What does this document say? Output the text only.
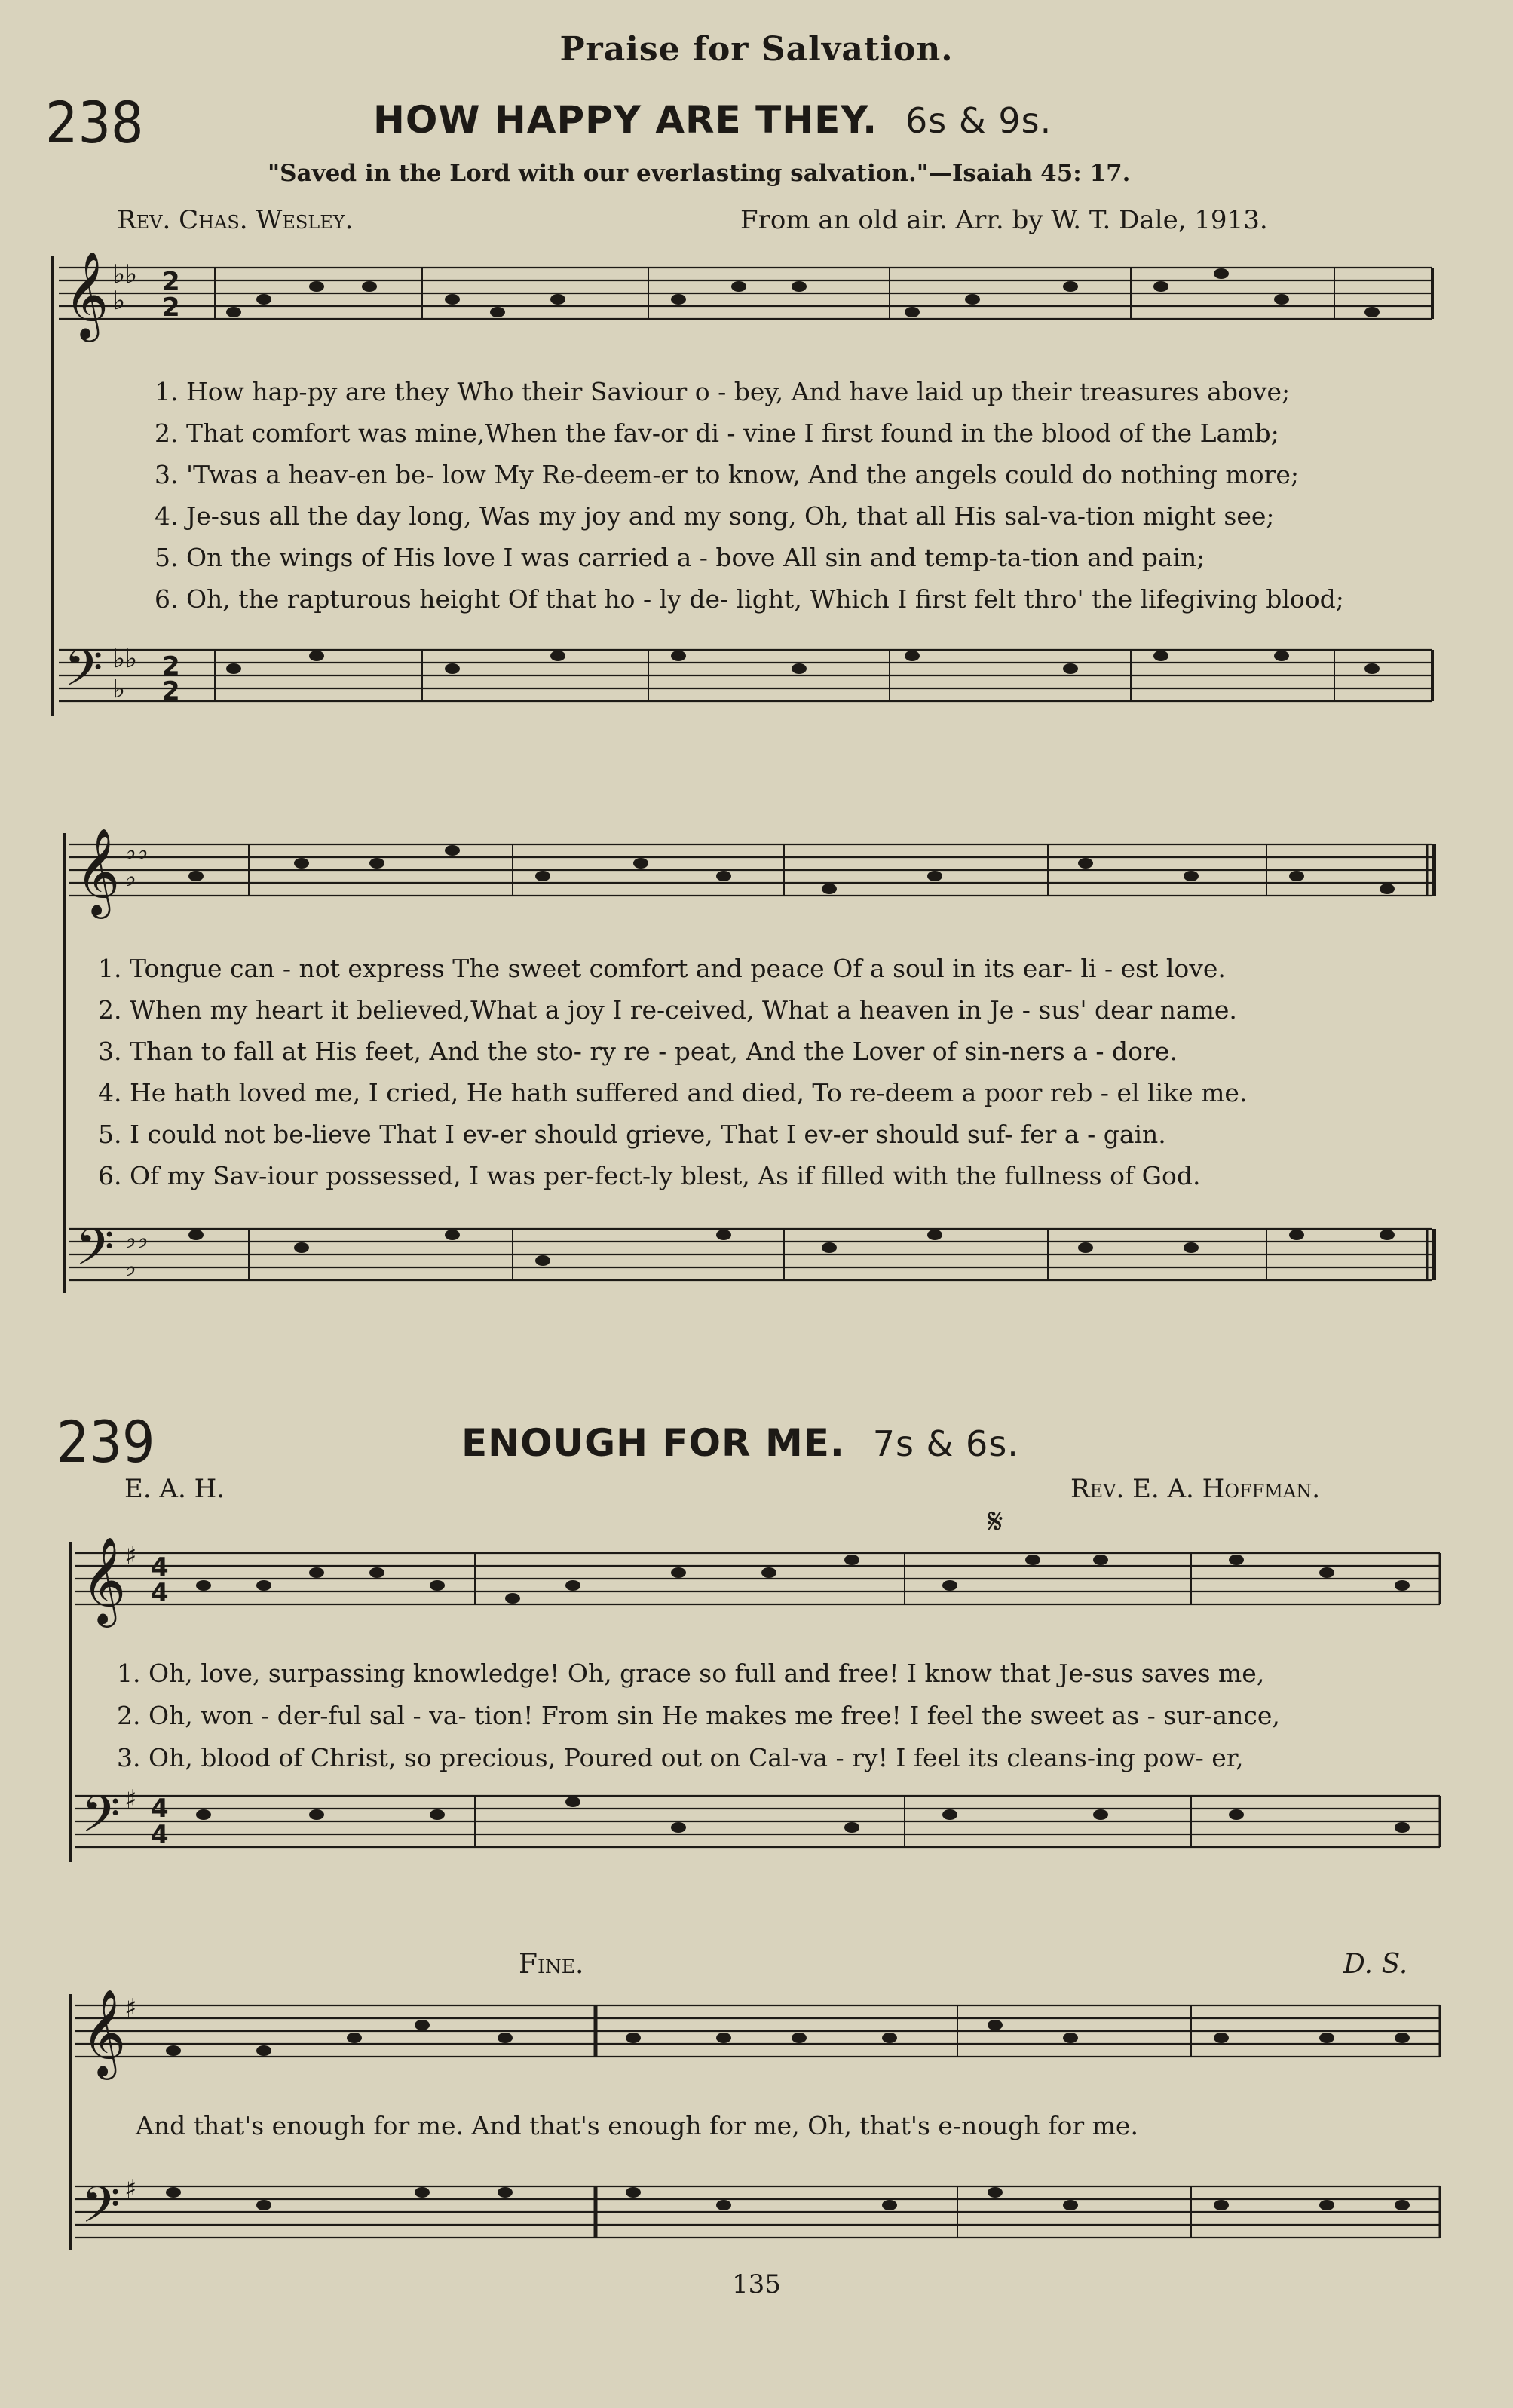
Praise for Salvation.
238	HOW HAPPY ARE THEY. 6s & 9s.
"Saved in the Lord with our everlasting salvation."—Isaiah 45: 17.
Rev. Chas. Wesley.	From an old air. Arr. by W. T. Dale, 1913.
𝄞
𝄢
𝄞
𝄢
𝄞
𝄢
𝄞
𝄢
♭♭
♭
2
2
♭♭
♭
2
2
♭♭
♭
♭♭
♭
♯ 4
4
♯ 4
4
♯
♯
1. How hap-py are they Who their Saviour o - bey, And have laid up their treasures above;
2. That comfort was mine,When the fav-or di - vine I first found in the blood of the Lamb;
3. 'Twas a heav-en be- low My Re-deem-er to know, And the angels could do nothing more;
4. Je-sus all the day long, Was my joy and my song, Oh, that all His sal-va-tion might see;
5. On the wings of His love I was carried a - bove All sin and temp-ta-tion and pain;
6. Oh, the rapturous height Of that ho - ly de- light, Which I first felt thro' the lifegiving blood;
1. Tongue can - not express The sweet comfort and peace Of a soul in its ear- li - est love.
2. When my heart it believed,What a joy I re-ceived, What a heaven in Je - sus' dear name.
3. Than to fall at His feet, And the sto- ry re - peat, And the Lover of sin-ners a - dore.
4. He hath loved me, I cried, He hath suffered and died, To re-deem a poor reb - el like me.
5. I could not be-lieve That I ev-er should grieve, That I ev-er should suf- fer a - gain.
6. Of my Sav-iour possessed, I was per-fect-ly blest, As if filled with the fullness of God.
239	ENOUGH FOR ME. 7s & 6s.
E. A. H.	Rev. E. A. Hoffman.
𝄋
1. Oh, love, surpassing knowledge! Oh, grace so full and free! I know that Je-sus saves me,
2. Oh, won - der-ful sal - va- tion! From sin He makes me free! I feel the sweet as - sur-ance,
3. Oh, blood of Christ, so precious, Poured out on Cal-va - ry! I feel its cleans-ing pow- er,
Fine.	D. S.
And that's enough for me. And that's enough for me, Oh, that's e-nough for me.
135
